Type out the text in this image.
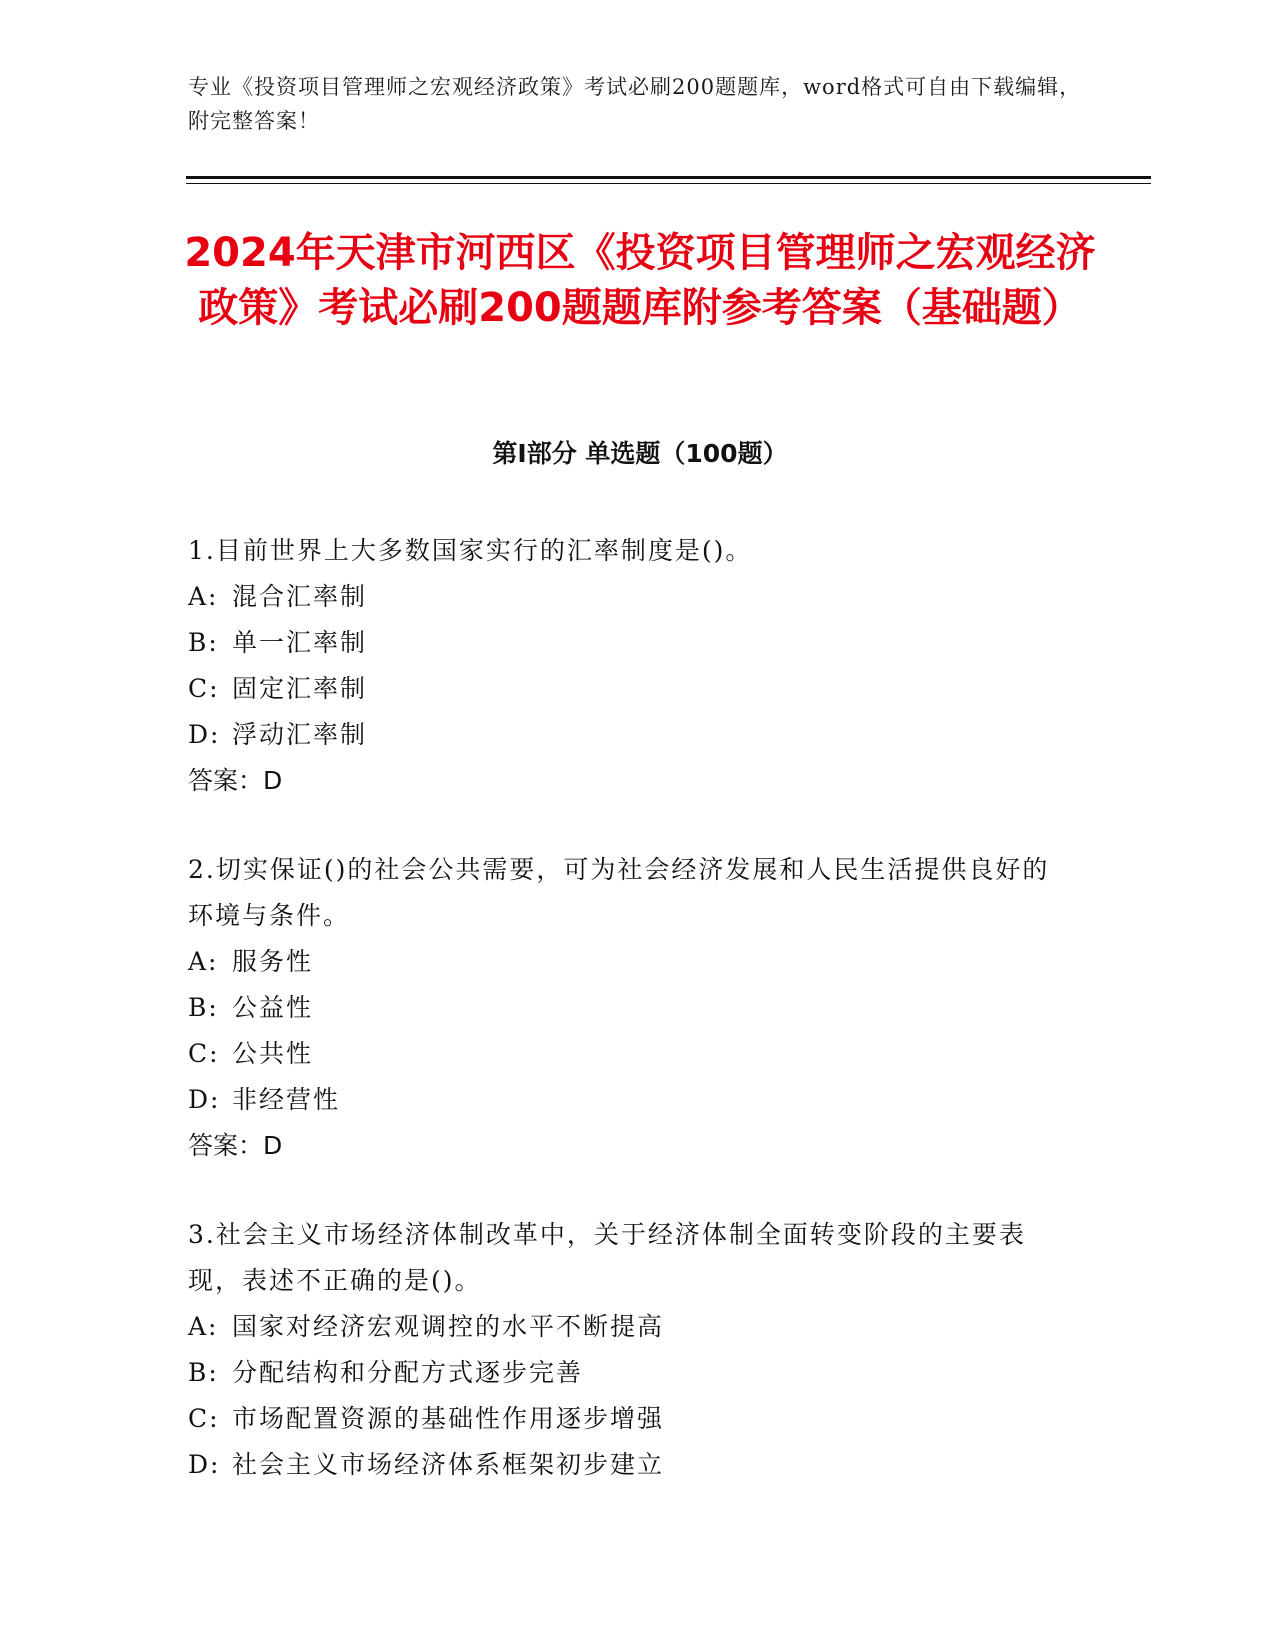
专业《投资项目管理师之宏观经济政策》考试必刷200题题库，word格式可自由下载编辑，附完整答案！
2024年天津市河西区《投资项目管理师之宏观经济政策》考试必刷200题题库附参考答案（基础题）
第Ⅰ部分 单选题（100题）

1.目前世界上大多数国家实行的汇率制度是()。

A: 混合汇率制

B: 单一汇率制

C: 固定汇率制

D: 浮动汇率制

答案：D

2.切实保证()的社会公共需要，可为社会经济发展和人民生活提供良好的环境与条件。

A: 服务性

B: 公益性

C: 公共性

D: 非经营性

答案：D

3.社会主义市场经济体制改革中，关于经济体制全面转变阶段的主要表现，表述不正确的是()。

A: 国家对经济宏观调控的水平不断提高

B: 分配结构和分配方式逐步完善

C: 市场配置资源的基础性作用逐步增强

D: 社会主义市场经济体系框架初步建立
